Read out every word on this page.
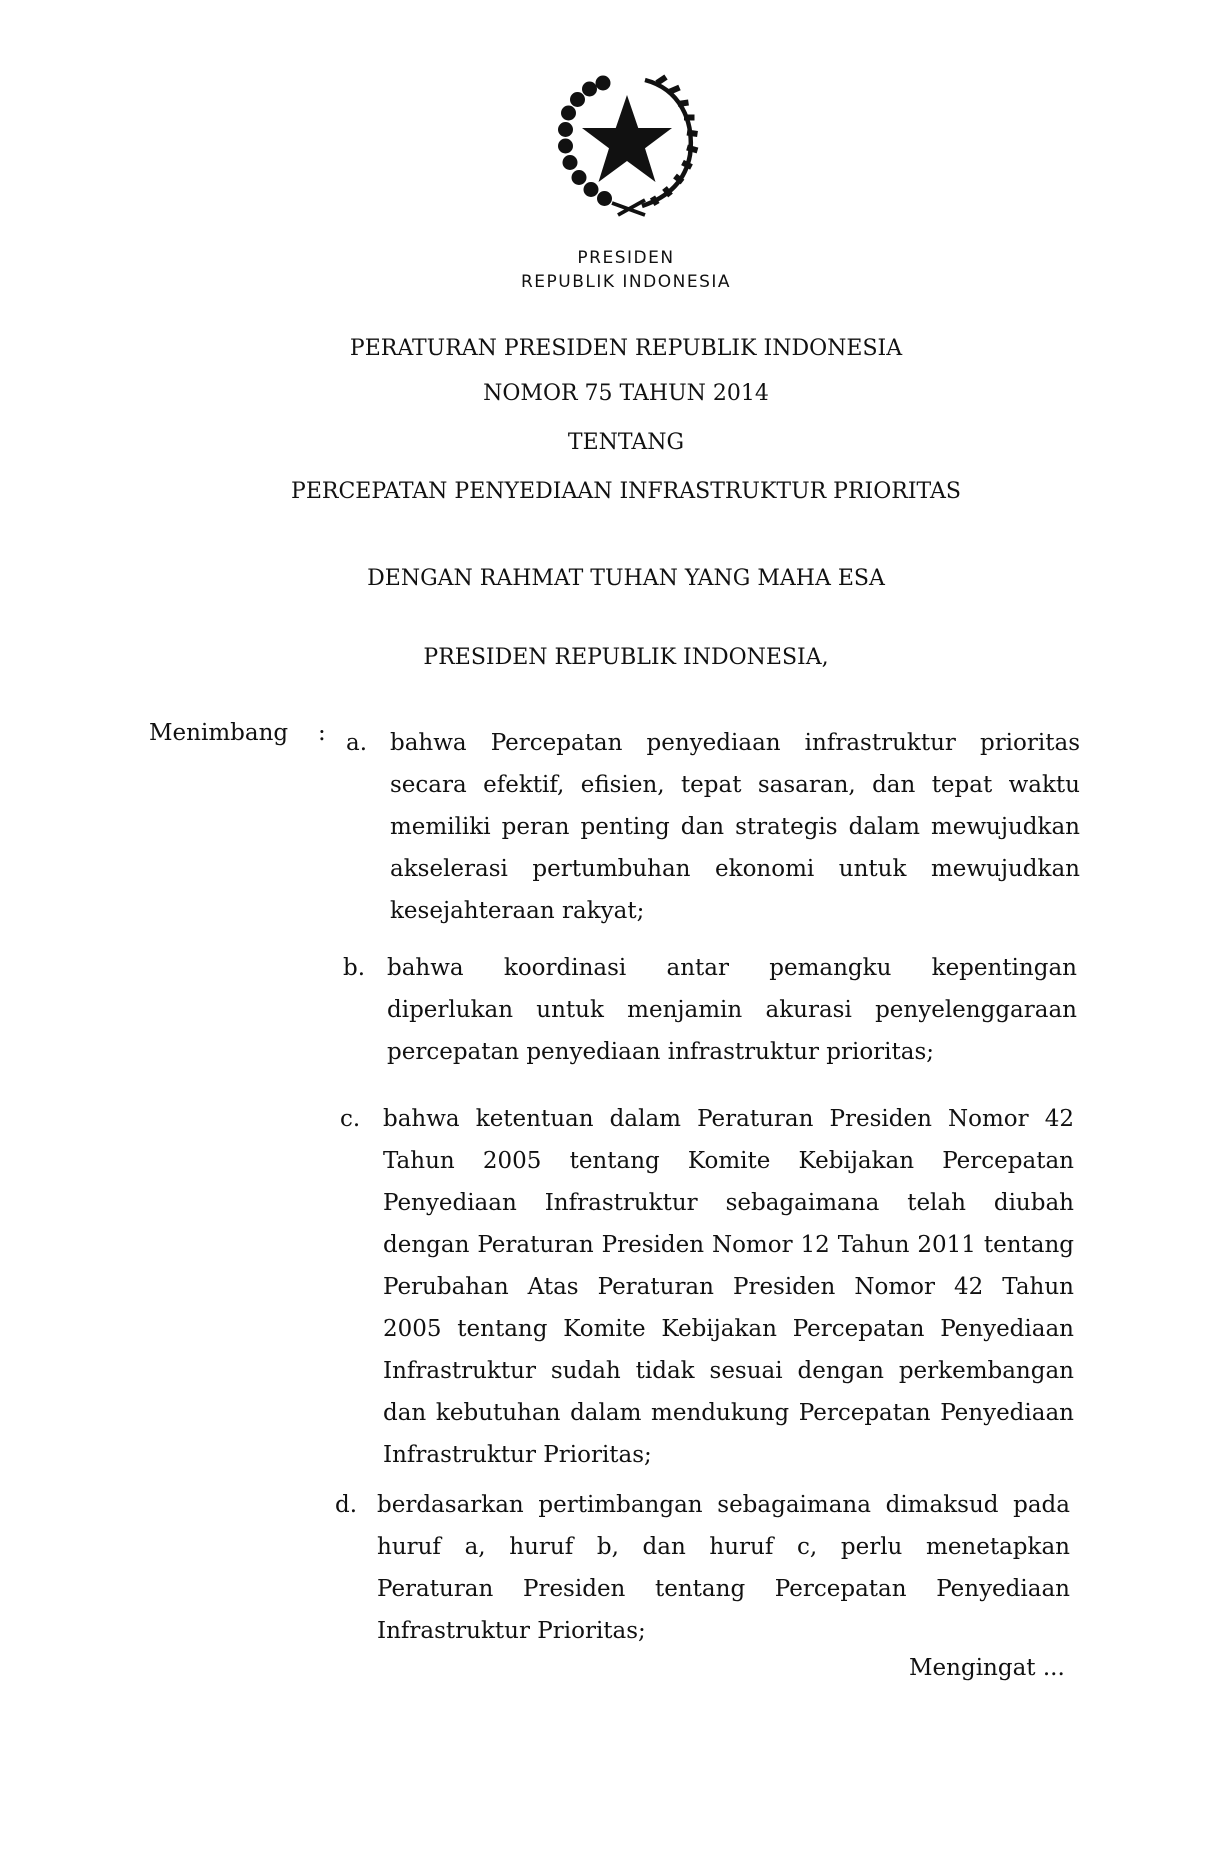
PRESIDEN
REPUBLIK INDONESIA
PERATURAN PRESIDEN REPUBLIK INDONESIA
NOMOR 75 TAHUN 2014
TENTANG
PERCEPATAN PENYEDIAAN INFRASTRUKTUR PRIORITAS
DENGAN RAHMAT TUHAN YANG MAHA ESA
PRESIDEN REPUBLIK INDONESIA,
Menimbang : a. bahwa Percepatan penyediaan infrastruktur prioritas
secara efektif, efisien, tepat sasaran, dan tepat waktu
memiliki peran penting dan strategis dalam mewujudkan
akselerasi pertumbuhan ekonomi untuk mewujudkan
kesejahteraan rakyat;
b. bahwa koordinasi antar pemangku kepentingan
diperlukan untuk menjamin akurasi penyelenggaraan
percepatan penyediaan infrastruktur prioritas;
c. bahwa ketentuan dalam Peraturan Presiden Nomor 42
Tahun 2005 tentang Komite Kebijakan Percepatan
Penyediaan Infrastruktur sebagaimana telah diubah
dengan Peraturan Presiden Nomor 12 Tahun 2011 tentang
Perubahan Atas Peraturan Presiden Nomor 42 Tahun
2005 tentang Komite Kebijakan Percepatan Penyediaan
Infrastruktur sudah tidak sesuai dengan perkembangan
dan kebutuhan dalam mendukung Percepatan Penyediaan
Infrastruktur Prioritas;
d. berdasarkan pertimbangan sebagaimana dimaksud pada
huruf a, huruf b, dan huruf c, perlu menetapkan
Peraturan Presiden tentang Percepatan Penyediaan
Infrastruktur Prioritas;
Mengingat ...
